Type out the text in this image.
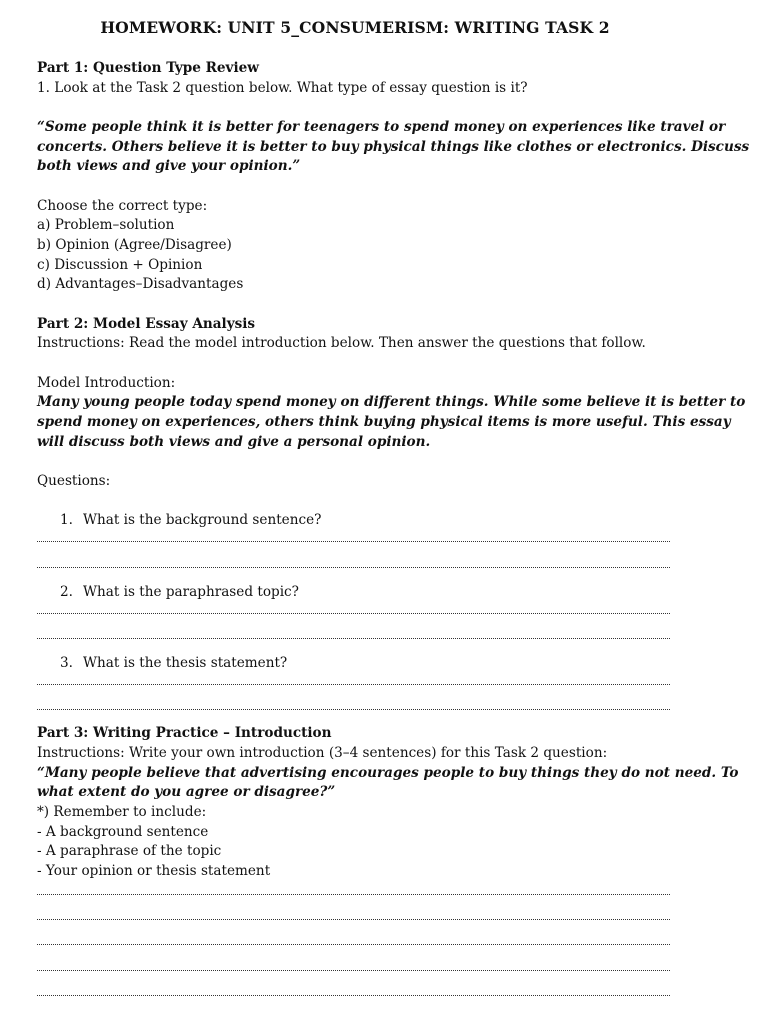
HOMEWORK: UNIT 5_CONSUMERISM: WRITING TASK 2
Part 1: Question Type Review
1. Look at the Task 2 question below. What type of essay question is it?
“Some people think it is better for teenagers to spend money on experiences like travel or
concerts. Others believe it is better to buy physical things like clothes or electronics. Discuss
both views and give your opinion.”
Choose the correct type:
a) Problem–solution
b) Opinion (Agree/Disagree)
c) Discussion + Opinion
d) Advantages–Disadvantages
Part 2: Model Essay Analysis
Instructions: Read the model introduction below. Then answer the questions that follow.
Model Introduction:
Many young people today spend money on different things. While some believe it is better to
spend money on experiences, others think buying physical items is more useful. This essay
will discuss both views and give a personal opinion.
Questions:
1. What is the background sentence?
2. What is the paraphrased topic?
3. What is the thesis statement?
Part 3: Writing Practice – Introduction
Instructions: Write your own introduction (3–4 sentences) for this Task 2 question:
“Many people believe that advertising encourages people to buy things they do not need. To
what extent do you agree or disagree?”
*) Remember to include:
- A background sentence
- A paraphrase of the topic
- Your opinion or thesis statement
